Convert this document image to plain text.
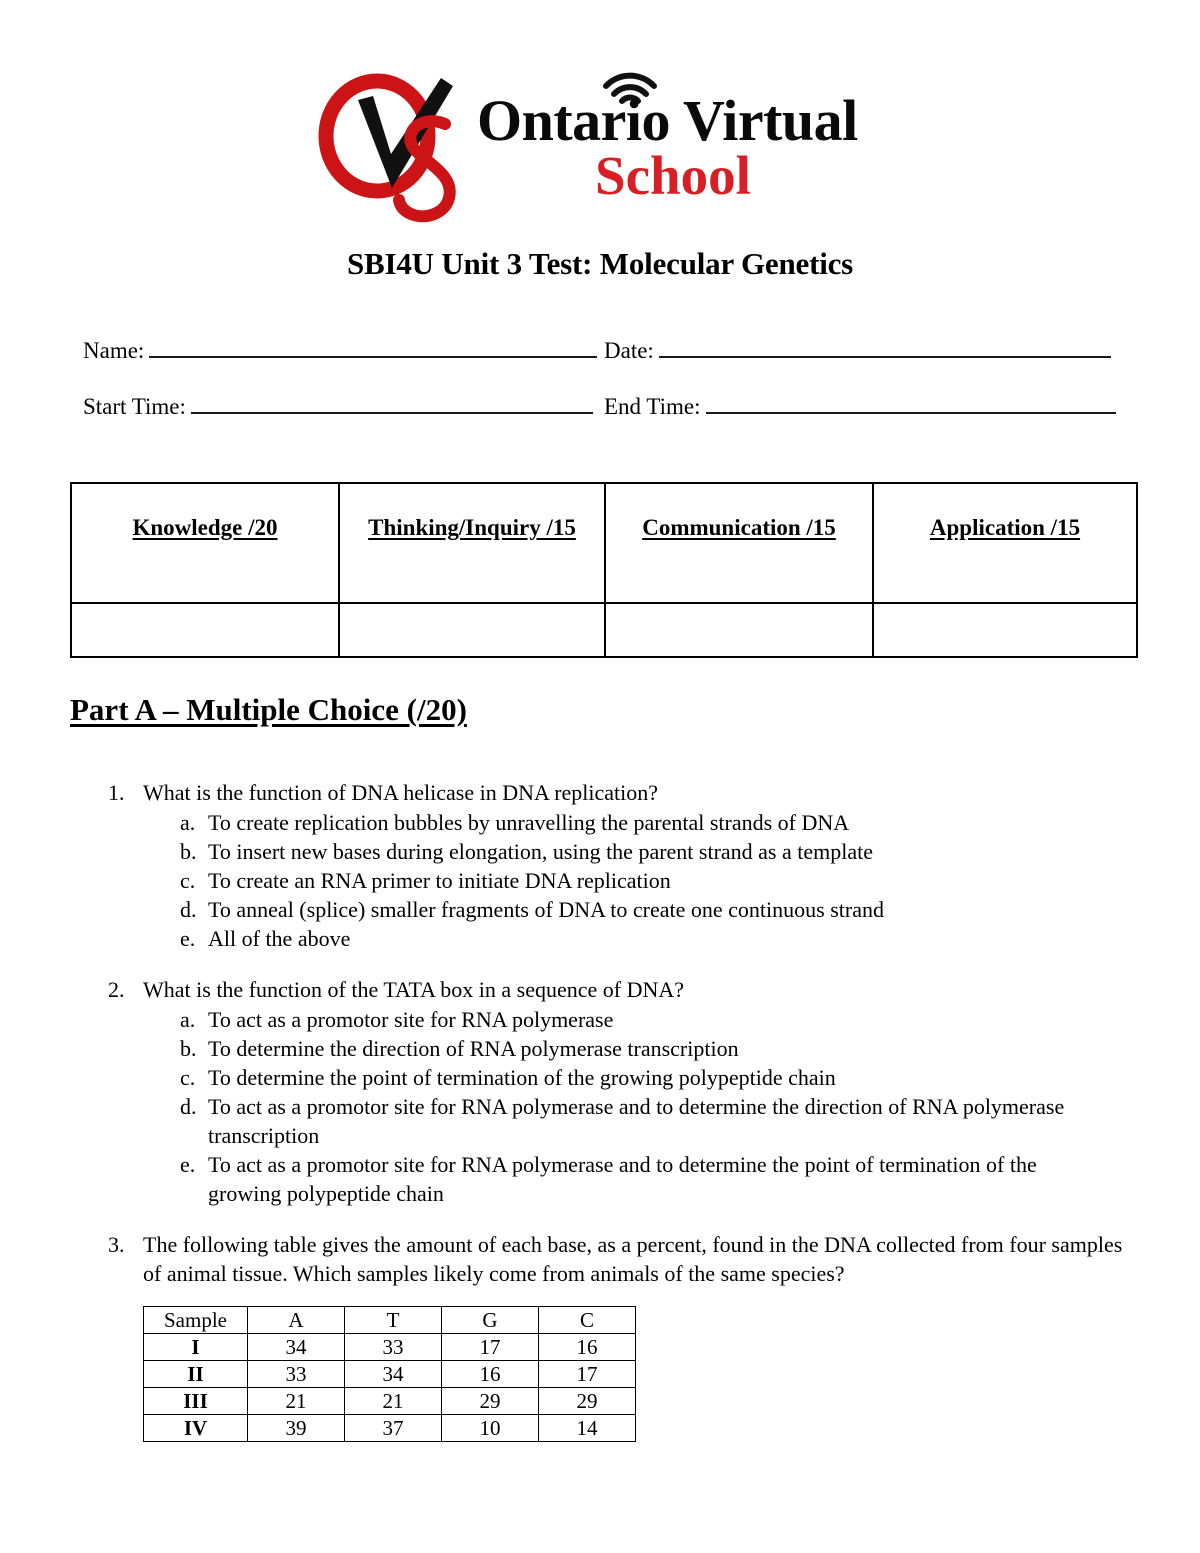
Ontario Virtual
School
SBI4U Unit 3 Test: Molecular Genetics
Name:	Date:
Start Time:	End Time:
Knowledge /20	Thinking/Inquiry /15	Communication /15	Application /15

Part A – Multiple Choice (/20)
1. What is the function of DNA helicase in DNA replication?
a. To create replication bubbles by unravelling the parental strands of DNA
b. To insert new bases during elongation, using the parent strand as a template
c. To create an RNA primer to initiate DNA replication
d. To anneal (splice) smaller fragments of DNA to create one continuous strand
e. All of the above
2. What is the function of the TATA box in a sequence of DNA?
a. To act as a promotor site for RNA polymerase
b. To determine the direction of RNA polymerase transcription
c. To determine the point of termination of the growing polypeptide chain
d. To act as a promotor site for RNA polymerase and to determine the direction of RNA polymerase transcription
e. To act as a promotor site for RNA polymerase and to determine the point of termination of the growing polypeptide chain
3. The following table gives the amount of each base, as a percent, found in the DNA collected from four samples of animal tissue. Which samples likely come from animals of the same species?
Sample	A	T	G	C
I	34	33	17	16
II	33	34	16	17
III	21	21	29	29
IV	39	37	10	14
